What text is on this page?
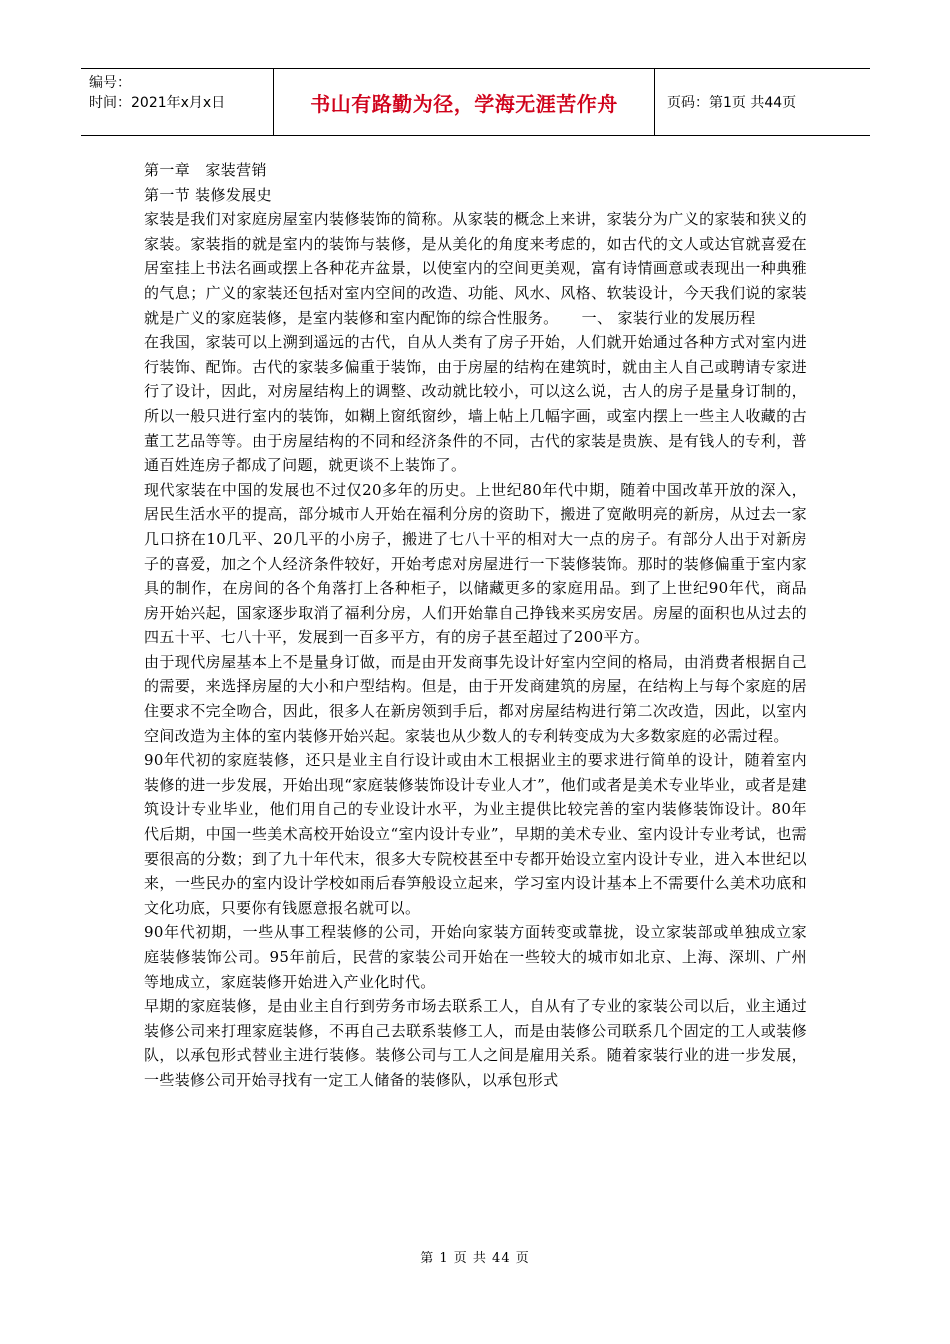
编号：
时间：2021年x月x日	书山有路勤为径，学海无涯苦作舟	页码：第1页 共44页

第一章　家装营销

第一节 装修发展史

家装是我们对家庭房屋室内装修装饰的简称。从家装的概念上来讲，家装分为广义的家装和狭义的家装。家装指的就是室内的装饰与装修，是从美化的角度来考虑的，如古代的文人或达官就喜爱在居室挂上书法名画或摆上各种花卉盆景，以使室内的空间更美观，富有诗情画意或表现出一种典雅的气息；广义的家装还包括对室内空间的改造、功能、风水、风格、软装设计，今天我们说的家装就是广义的家庭装修，是室内装修和室内配饰的综合性服务。　　一、 家装行业的发展历程

在我国，家装可以上溯到遥远的古代，自从人类有了房子开始，人们就开始通过各种方式对室内进行装饰、配饰。古代的家装多偏重于装饰，由于房屋的结构在建筑时，就由主人自己或聘请专家进行了设计，因此，对房屋结构上的调整、改动就比较小，可以这么说，古人的房子是量身订制的，所以一般只进行室内的装饰，如糊上窗纸窗纱，墙上帖上几幅字画，或室内摆上一些主人收藏的古董工艺品等等。由于房屋结构的不同和经济条件的不同，古代的家装是贵族、是有钱人的专利，普通百姓连房子都成了问题，就更谈不上装饰了。

现代家装在中国的发展也不过仅20多年的历史。上世纪80年代中期，随着中国改革开放的深入，居民生活水平的提高，部分城市人开始在福利分房的资助下，搬进了宽敞明亮的新房，从过去一家几口挤在10几平、20几平的小房子，搬进了七八十平的相对大一点的房子。有部分人出于对新房子的喜爱，加之个人经济条件较好，开始考虑对房屋进行一下装修装饰。那时的装修偏重于室内家具的制作，在房间的各个角落打上各种柜子，以储藏更多的家庭用品。到了上世纪90年代，商品房开始兴起，国家逐步取消了福利分房，人们开始靠自己挣钱来买房安居。房屋的面积也从过去的四五十平、七八十平，发展到一百多平方，有的房子甚至超过了200平方。

由于现代房屋基本上不是量身订做，而是由开发商事先设计好室内空间的格局，由消费者根据自己的需要，来选择房屋的大小和户型结构。但是，由于开发商建筑的房屋，在结构上与每个家庭的居住要求不完全吻合，因此，很多人在新房领到手后，都对房屋结构进行第二次改造，因此，以室内空间改造为主体的室内装修开始兴起。家装也从少数人的专利转变成为大多数家庭的必需过程。

90年代初的家庭装修，还只是业主自行设计或由木工根据业主的要求进行简单的设计，随着室内装修的进一步发展，开始出现“家庭装修装饰设计专业人才”，他们或者是美术专业毕业，或者是建筑设计专业毕业，他们用自己的专业设计水平，为业主提供比较完善的室内装修装饰设计。80年代后期，中国一些美术高校开始设立“室内设计专业”，早期的美术专业、室内设计专业考试，也需要很高的分数；到了九十年代末，很多大专院校甚至中专都开始设立室内设计专业，进入本世纪以来，一些民办的室内设计学校如雨后春笋般设立起来，学习室内设计基本上不需要什么美术功底和文化功底，只要你有钱愿意报名就可以。

90年代初期，一些从事工程装修的公司，开始向家装方面转变或靠拢，设立家装部或单独成立家庭装修装饰公司。95年前后，民营的家装公司开始在一些较大的城市如北京、上海、深圳、广州等地成立，家庭装修开始进入产业化时代。

早期的家庭装修，是由业主自行到劳务市场去联系工人，自从有了专业的家装公司以后，业主通过装修公司来打理家庭装修，不再自己去联系装修工人，而是由装修公司联系几个固定的工人或装修队，以承包形式替业主进行装修。装修公司与工人之间是雇用关系。随着家装行业的进一步发展，一些装修公司开始寻找有一定工人储备的装修队，以承包形式

第 1 页 共 44 页
